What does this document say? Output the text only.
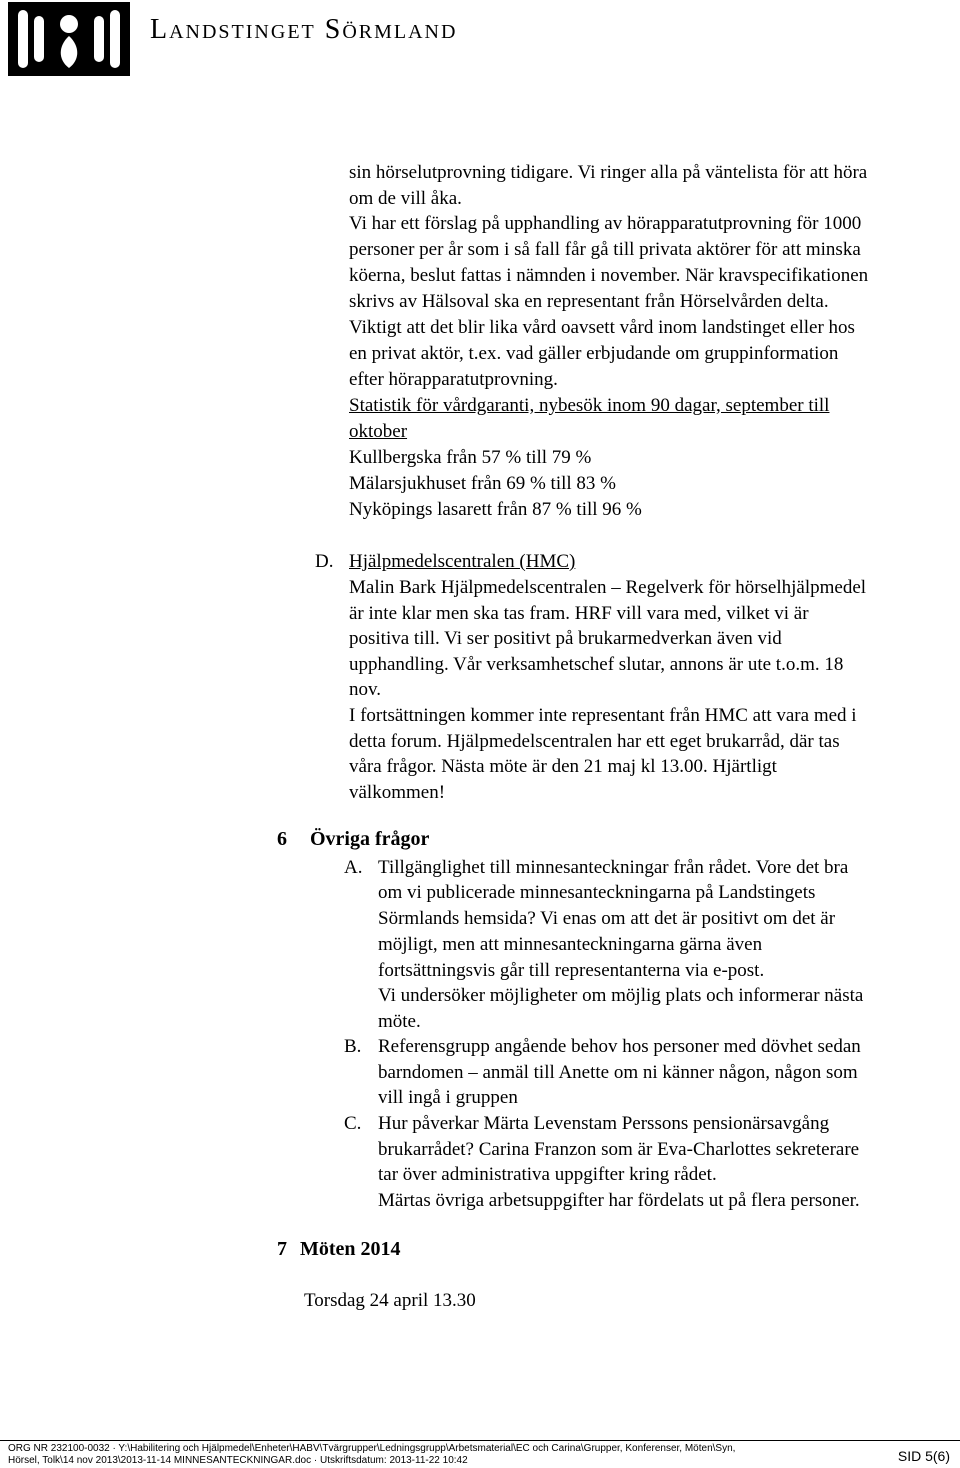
Landstinget Sörmland
sin hörselutprovning tidigare. Vi ringer alla på väntelista för att höra
om de vill åka.
Vi har ett förslag på upphandling av hörapparatutprovning för 1000
personer per år som i så fall får gå till privata aktörer för att minska
köerna, beslut fattas i nämnden i november. När kravspecifikationen
skrivs av Hälsoval ska en representant från Hörselvården delta.
Viktigt att det blir lika vård oavsett vård inom landstinget eller hos
en privat aktör, t.ex. vad gäller erbjudande om gruppinformation
efter hörapparatutprovning.
Statistik för vårdgaranti, nybesök inom 90 dagar, september till
oktober
Kullbergska från 57 % till 79 %
Mälarsjukhuset från 69 % till 83 %
Nyköpings lasarett från 87 % till 96 %
D. Hjälpmedelscentralen (HMC)
Malin Bark Hjälpmedelscentralen – Regelverk för hörselhjälpmedel
är inte klar men ska tas fram. HRF vill vara med, vilket vi är
positiva till. Vi ser positivt på brukarmedverkan även vid
upphandling. Vår verksamhetschef slutar, annons är ute t.o.m. 18
nov.
I fortsättningen kommer inte representant från HMC att vara med i
detta forum. Hjälpmedelscentralen har ett eget brukarråd, där tas
våra frågor. Nästa möte är den 21 maj kl 13.00. Hjärtligt
välkommen!
6 Övriga frågor
A. Tillgänglighet till minnesanteckningar från rådet. Vore det bra
om vi publicerade minnesanteckningarna på Landstingets
Sörmlands hemsida? Vi enas om att det är positivt om det är
möjligt, men att minnesanteckningarna gärna även
fortsättningsvis går till representanterna via e-post.
Vi undersöker möjligheter om möjlig plats och informerar nästa
möte.
B. Referensgrupp angående behov hos personer med dövhet sedan
barndomen – anmäl till Anette om ni känner någon, någon som
vill ingå i gruppen
C. Hur påverkar Märta Levenstam Perssons pensionärsavgång
brukarrådet? Carina Franzon som är Eva-Charlottes sekreterare
tar över administrativa uppgifter kring rådet.
Märtas övriga arbetsuppgifter har fördelats ut på flera personer.
7 Möten 2014
Torsdag 24 april 13.30
ORG NR 232100-0032 · Y:\Habilitering och Hjälpmedel\Enheter\HABV\Tvärgrupper\Ledningsgrupp\Arbetsmaterial\EC och Carina\Grupper, Konferenser, Möten\Syn,
Hörsel, Tolk\14 nov 2013\2013-11-14 MINNESANTECKNINGAR.doc · Utskriftsdatum: 2013-11-22 10:42	SID 5(6)
